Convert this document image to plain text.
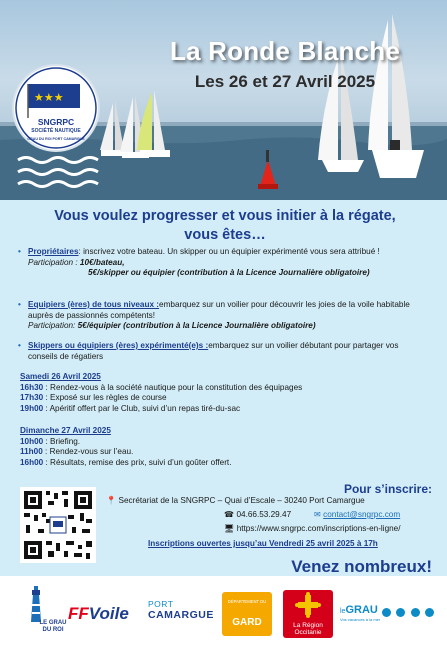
La Ronde Blanche
Les 26 et 27 Avril 2025
★★★
SNGRPC
SOCIÉTÉ NAUTIQUE
GRAU DU ROI PORT CAMARGUE
Vous voulez progresser et vous initier à la régate,
vous êtes…
• Propriétaires: inscrivez votre bateau. Un skipper ou un équipier expérimenté vous sera attribué !
Participation : 10€/bateau,
5€/skipper ou équipier (contribution à la Licence Journalière obligatoire)
• Equipiers (ères) de tous niveaux :embarquez sur un voilier pour découvrir les joies de la voile habitable auprès de passionnés compétents!
Participation: 5€/équipier (contribution à la Licence Journalière obligatoire)
• Skippers ou équipiers (ères) expérimenté(e)s :embarquez sur un voilier débutant pour partager vos conseils de régatiers
Samedi 26 Avril 2025
16h30 : Rendez-vous à la société nautique pour la constitution des équipages
17h30 : Exposé sur les règles de course
19h00 : Apéritif offert par le Club, suivi d’un repas tiré-du-sac
Dimanche 27 Avril 2025
10h00 : Briefing.
11h00 : Rendez-vous sur l’eau.
16h00 : Résultats, remise des prix, suivi d’un goûter offert.
Pour s’inscrire:
📍 Secrétariat de la SNGRPC – Quai d’Escale – 30240 Port Camargue
☎ 04.66.53.29.47	✉ contact@sngrpc.com
🖥 https://www.sngrpc.com/inscriptions-en-ligne/
Inscriptions ouvertes jusqu’au Vendredi 25 avril 2025 à 17h
Venez nombreux!
LE GRAU DU ROI
FFVoile PORT
CAMARGUE
DÉPARTEMENT DU
GARD	La Région Occitanie
leGRAU
Vos vacances à la mer
